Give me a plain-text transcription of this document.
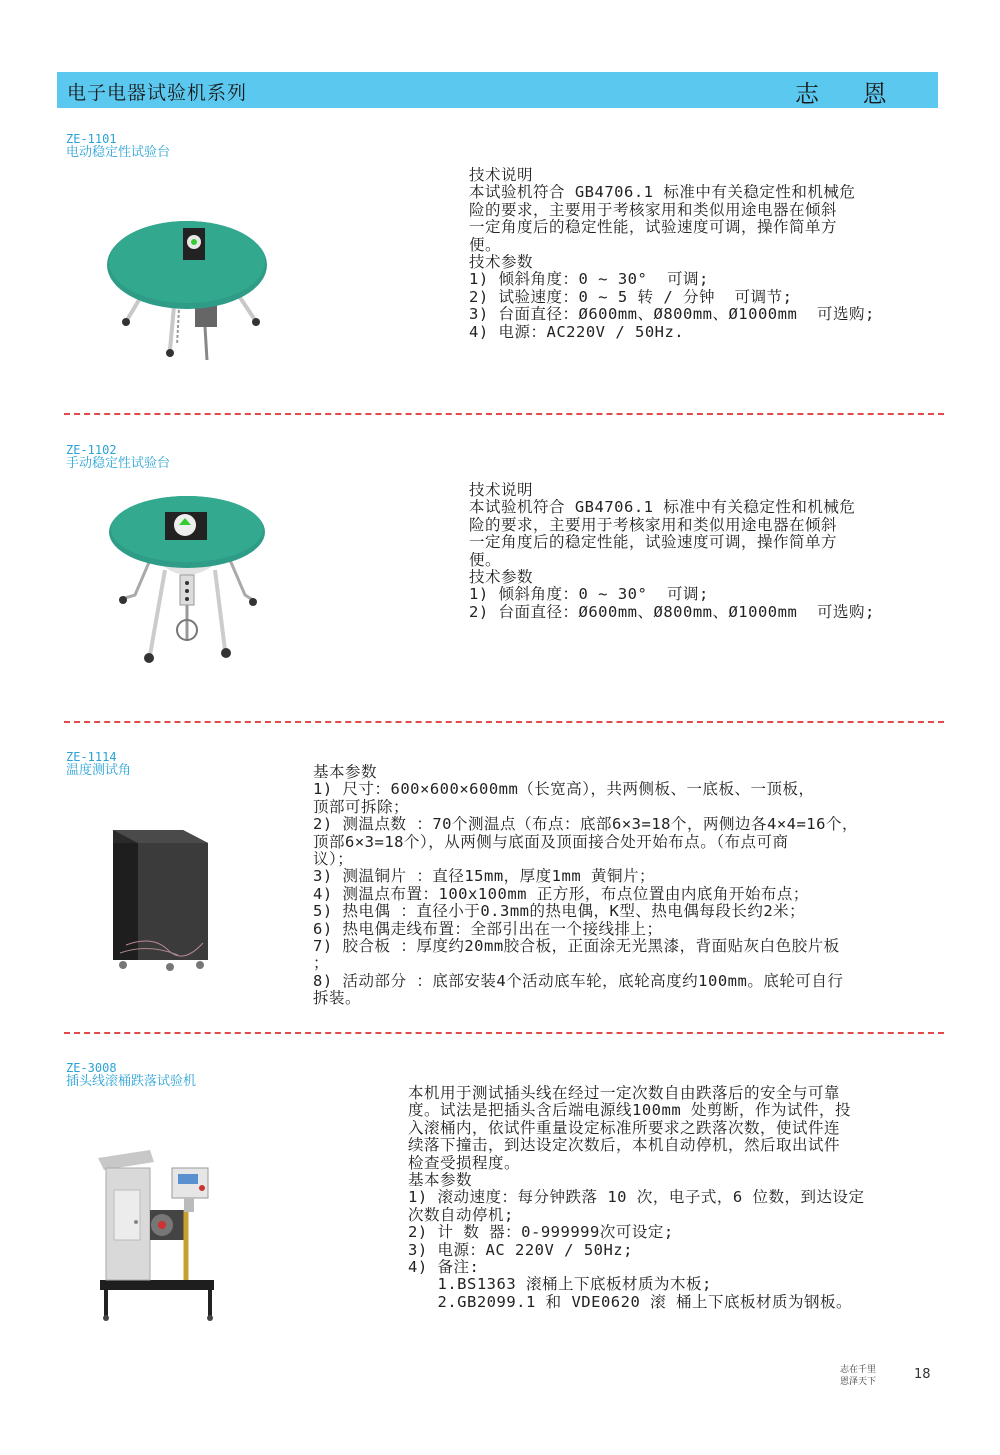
电子电器试验机系列	志 恩
ZE-1101
电动稳定性试验台
技术说明
本试验机符合 GB4706.1 标准中有关稳定性和机械危
险的要求，主要用于考核家用和类似用途电器在倾斜
一定角度后的稳定性能，试验速度可调，操作简单方
便。
技术参数
1) 倾斜角度：0 ~ 30°  可调;
2) 试验速度：0 ~ 5 转 / 分钟  可调节;
3) 台面直径：Ø600mm、Ø800mm、Ø1000mm  可选购;
4) 电源：AC220V / 50Hz.
ZE-1102
手动稳定性试验台
技术说明
本试验机符合 GB4706.1 标准中有关稳定性和机械危
险的要求，主要用于考核家用和类似用途电器在倾斜
一定角度后的稳定性能，试验速度可调，操作简单方
便。
技术参数
1) 倾斜角度：0 ~ 30°  可调;
2) 台面直径：Ø600mm、Ø800mm、Ø1000mm  可选购;
ZE-1114
温度测试角	基本参数
1) 尺寸：600×600×600mm（长宽高），共两侧板、一底板、一顶板，
顶部可拆除；
2) 测温点数 ：70个测温点（布点：底部6×3=18个，两侧边各4×4=16个，
顶部6×3=18个），从两侧与底面及顶面接合处开始布点。（布点可商
议）；
3) 测温铜片 ：直径15mm，厚度1mm 黄铜片；
4) 测温点布置：100x100mm 正方形，布点位置由内底角开始布点；
5) 热电偶 ：直径小于0.3mm的热电偶，K型、热电偶每段长约2米；
6) 热电偶走线布置：全部引出在一个接线排上；
7) 胶合板 ：厚度约20mm胶合板，正面涂无光黑漆，背面贴灰白色胶片板
；
8) 活动部分 ：底部安装4个活动底车轮，底轮高度约100mm。底轮可自行
拆装。
ZE-3008
插头线滚桶跌落试验机
本机用于测试插头线在经过一定次数自由跌落后的安全与可靠
度。试法是把插头含后端电源线100mm 处剪断，作为试件，投
入滚桶内，依试件重量设定标准所要求之跌落次数，使试件连
续落下撞击，到达设定次数后，本机自动停机，然后取出试件
检查受损程度。
基本参数
1) 滚动速度：每分钟跌落 10 次，电子式，6 位数，到达设定
次数自动停机;
2) 计 数 器：0-999999次可设定;
3) 电源：AC 220V / 50Hz;
4) 备注:
1.BS1363 滚桶上下底板材质为木板;
2.GB2099.1 和 VDE0620 滚 桶上下底板材质为钢板。
志在千里
恩泽天下	18
